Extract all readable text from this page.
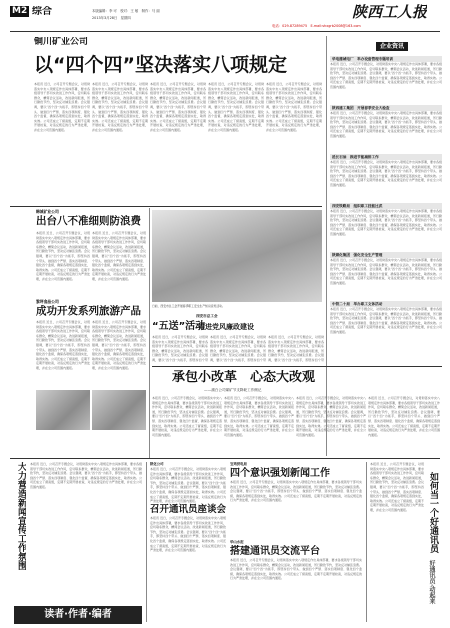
M2 综合	本版编辑：李 可　校对：王 敏　制作：马 丽
2013年3月28日　星期四	陕西工人报
电话：029-87289475　E-mail:shxgrb2008@163.com
铜川矿业公司
以“四个四”坚决落实八项规定
本报讯 近日，公司召开专题会议，对贯彻落实中央八项规定作出具体部署，要求各级领导干部切实改进工作作风，密切联系群众，精简会议活动，改进新闻报道，厉行勤俭节约，坚决反对铺张浪费。会议强调，要以“四个四”为抓手，即坚持四个带头、做到四个严禁、落实四项制度、强化四个监督，确保各项规定落到实处，取得实效。公司还成立了督查组，定期不定期开展检查，对违反规定的行为严肃处理，并在全公司范围内通报。
本报讯 近日，公司召开专题会议，对贯彻落实中央八项规定作出具体部署，要求各级领导干部切实改进工作作风，密切联系群众，精简会议活动，改进新闻报道，厉行勤俭节约，坚决反对铺张浪费。会议强调，要以“四个四”为抓手，即坚持四个带头、做到四个严禁、落实四项制度、强化四个监督，确保各项规定落到实处，取得实效。公司还成立了督查组，定期不定期开展检查，对违反规定的行为严肃处理，并在全公司范围内通报。
本报讯 近日，公司召开专题会议，对贯彻落实中央八项规定作出具体部署，要求各级领导干部切实改进工作作风，密切联系群众，精简会议活动，改进新闻报道，厉行勤俭节约，坚决反对铺张浪费。会议强调，要以“四个四”为抓手，即坚持四个带头、做到四个严禁、落实四项制度、强化四个监督，确保各项规定落到实处，取得实效。公司还成立了督查组，定期不定期开展检查，对违反规定的行为严肃处理，并在全公司范围内通报。
本报讯 近日，公司召开专题会议，对贯彻落实中央八项规定作出具体部署，要求各级领导干部切实改进工作作风，密切联系群众，精简会议活动，改进新闻报道，厉行勤俭节约，坚决反对铺张浪费。会议强调，要以“四个四”为抓手，即坚持四个带头、做到四个严禁、落实四项制度、强化四个监督，确保各项规定落到实处，取得实效。公司还成立了督查组，定期不定期开展检查，对违反规定的行为严肃处理，并在全公司范围内通报。
本报讯 近日，公司召开专题会议，对贯彻落实中央八项规定作出具体部署，要求各级领导干部切实改进工作作风，密切联系群众，精简会议活动，改进新闻报道，厉行勤俭节约，坚决反对铺张浪费。会议强调，要以“四个四”为抓手，即坚持四个带头、做到四个严禁、落实四项制度、强化四个监督，确保各项规定落到实处，取得实效。公司还成立了督查组，定期不定期开展检查，对违反规定的行为严肃处理，并在全公司范围内通报。
企业资讯
华电蒲城电厂　举办设备管理专题培训
本报讯 近日，公司召开专题会议，对贯彻落实中央八项规定作出具体部署，要求各级领导干部切实改进工作作风，密切联系群众，精简会议活动，改进新闻报道，厉行勤俭节约，坚决反对铺张浪费。会议强调，要以“四个四”为抓手，即坚持四个带头、做到四个严禁、落实四项制度、强化四个监督，确保各项规定落到实处，取得实效。公司还成立了督查组，定期不定期开展检查，对违反规定的行为严肃处理，并在全公司范围内通报。
陕西建工集团　开展春季安全大检查
本报讯 近日，公司召开专题会议，对贯彻落实中央八项规定作出具体部署，要求各级领导干部切实改进工作作风，密切联系群众，精简会议活动，改进新闻报道，厉行勤俭节约，坚决反对铺张浪费。会议强调，要以“四个四”为抓手，即坚持四个带头、做到四个严禁、落实四项制度、强化四个监督，确保各项规定落到实处，取得实效。公司还成立了督查组，定期不定期开展检查，对违反规定的行为严肃处理，并在全公司范围内通报。
延长石油　推进节能减排工作
本报讯 近日，公司召开专题会议，对贯彻落实中央八项规定作出具体部署，要求各级领导干部切实改进工作作风，密切联系群众，精简会议活动，改进新闻报道，厉行勤俭节约，坚决反对铺张浪费。会议强调，要以“四个四”为抓手，即坚持四个带头、做到四个严禁、落实四项制度、强化四个监督，确保各项规定落到实处，取得实效。公司还成立了督查组，定期不定期开展检查，对违反规定的行为严肃处理，并在全公司范围内通报。
西安铁路局　组织职工技能比武
本报讯 近日，公司召开专题会议，对贯彻落实中央八项规定作出具体部署，要求各级领导干部切实改进工作作风，密切联系群众，精简会议活动，改进新闻报道，厉行勤俭节约，坚决反对铺张浪费。会议强调，要以“四个四”为抓手，即坚持四个带头、做到四个严禁、落实四项制度、强化四个监督，确保各项规定落到实处，取得实效。公司还成立了督查组，定期不定期开展检查，对违反规定的行为严肃处理，并在全公司范围内通报。
陕煤化集团　强化安全生产管理
本报讯 近日，公司召开专题会议，对贯彻落实中央八项规定作出具体部署，要求各级领导干部切实改进工作作风，密切联系群众，精简会议活动，改进新闻报道，厉行勤俭节约，坚决反对铺张浪费。会议强调，要以“四个四”为抓手，即坚持四个带头、做到四个严禁、落实四项制度、强化四个监督，确保各项规定落到实处，取得实效。公司还成立了督查组，定期不定期开展检查，对违反规定的行为严肃处理，并在全公司范围内通报。
中铁二十局　举办职工文体活动
本报讯 近日，公司召开专题会议，对贯彻落实中央八项规定作出具体部署，要求各级领导干部切实改进工作作风，密切联系群众，精简会议活动，改进新闻报道，厉行勤俭节约，坚决反对铺张浪费。会议强调，要以“四个四”为抓手，即坚持四个带头、做到四个严禁、落实四项制度、强化四个监督，确保各项规定落到实处，取得实效。公司还成立了督查组，定期不定期开展检查，对违反规定的行为严肃处理，并在全公司范围内通报。
韩城矿业公司
出台八不准细则防浪费
本报讯 近日，公司召开专题会议，对贯彻落实中央八项规定作出具体部署，要求各级领导干部切实改进工作作风，密切联系群众，精简会议活动，改进新闻报道，厉行勤俭节约，坚决反对铺张浪费。会议强调，要以“四个四”为抓手，即坚持四个带头、做到四个严禁、落实四项制度、强化四个监督，确保各项规定落到实处，取得实效。公司还成立了督查组，定期不定期开展检查，对违反规定的行为严肃处理，并在全公司范围内通报。
本报讯 近日，公司召开专题会议，对贯彻落实中央八项规定作出具体部署，要求各级领导干部切实改进工作作风，密切联系群众，精简会议活动，改进新闻报道，厉行勤俭节约，坚决反对铺张浪费。会议强调，要以“四个四”为抓手，即坚持四个带头、做到四个严禁、落实四项制度、强化四个监督，确保各项规定落到实处，取得实效。公司还成立了督查组，定期不定期开展检查，对违反规定的行为严肃处理，并在全公司范围内通报。
黎坪食品公司
成功开发系列旅游产品
本报讯 近日，公司召开专题会议，对贯彻落实中央八项规定作出具体部署，要求各级领导干部切实改进工作作风，密切联系群众，精简会议活动，改进新闻报道，厉行勤俭节约，坚决反对铺张浪费。会议强调，要以“四个四”为抓手，即坚持四个带头、做到四个严禁、落实四项制度、强化四个监督，确保各项规定落到实处，取得实效。公司还成立了督查组，定期不定期开展检查，对违反规定的行为严肃处理，并在全公司范围内通报。
本报讯 近日，公司召开专题会议，对贯彻落实中央八项规定作出具体部署，要求各级领导干部切实改进工作作风，密切联系群众，精简会议活动，改进新闻报道，厉行勤俭节约，坚决反对铺张浪费。会议强调，要以“四个四”为抓手，即坚持四个带头、做到四个严禁、落实四项制度、强化四个监督，确保各项规定落到实处，取得实效。公司还成立了督查组，定期不定期开展检查，对违反规定的行为严肃处理，并在全公司范围内通报。
日前，西安市总工会开展春季职工安全生产知识宣传活动。
西安市总工会
“五送”活动
推进党风廉政建设
本报讯 近日，公司召开专题会议，对贯彻落实中央八项规定作出具体部署，要求各级领导干部切实改进工作作风，密切联系群众，精简会议活动，改进新闻报道，厉行勤俭节约，坚决反对铺张浪费。会议强调，要以“四个四”为抓手，即坚持四个带
本报讯 近日，公司召开专题会议，对贯彻落实中央八项规定作出具体部署，要求各级领导干部切实改进工作作风，密切联系群众，精简会议活动，改进新闻报道，厉行勤俭节约，坚决反对铺张浪费。会议强调，要以“四个四”为抓手，即坚持四个带
本报讯 近日，公司召开专题会议，对贯彻落实中央八项规定作出具体部署，要求各级领导干部切实改进工作作风，密切联系群众，精简会议活动，改进新闻报道，厉行勤俭节约，坚决反对铺张浪费。会议强调，要以“四个四”为抓手，即坚持四个带
承包小改革　心态大改观
——蒲白公司煤矿节支降耗工作侧记
本报讯 近日，公司召开专题会议，对贯彻落实中央八项规定作出具体部署，要求各级领导干部切实改进工作作风，密切联系群众，精简会议活动，改进新闻报道，厉行勤俭节约，坚决反对铺张浪费。会议强调，要以“四个四”为抓手，即坚持四个带头、做到四个严禁、落实四项制度、强化四个监督，确保各项规定落到实处，取得实效。公司还成立了督查组，定期不定期开展检查，对违反规定的行为严肃处理，并在全公司范围内通报。
本报讯 近日，公司召开专题会议，对贯彻落实中央八项规定作出具体部署，要求各级领导干部切实改进工作作风，密切联系群众，精简会议活动，改进新闻报道，厉行勤俭节约，坚决反对铺张浪费。会议强调，要以“四个四”为抓手，即坚持四个带头、做到四个严禁、落实四项制度、强化四个监督，确保各项规定落到实处，取得实效。公司还成立了督查组，定期不定期开展检查，对违反规定的行为严肃处理，并在全公司范围内通报。
本报讯 近日，公司召开专题会议，对贯彻落实中央八项规定作出具体部署，要求各级领导干部切实改进工作作风，密切联系群众，精简会议活动，改进新闻报道，厉行勤俭节约，坚决反对铺张浪费。会议强调，要以“四个四”为抓手，即坚持四个带头、做到四个严禁、落实四项制度、强化四个监督，确保各项规定落到实处，取得实效。公司还成立了督查组，定期不定期开展检查，对违反规定的行为严肃处理，并在全公司范围内通报。
本报讯 近日，公司召开专题会议，对贯彻落实中央八项规定作出具体部署，要求各级领导干部切实改进工作作风，密切联系群众，精简会议活动，改进新闻报道，厉行勤俭节约，坚决反对铺张浪费。会议强调，要以“四个四”为抓手，即坚持四个带头、做到四个严禁、落实四项制度、强化四个监督，确保各项规定落到实处，取得实效。公司还成立了督查组，定期不定期开展检查，对违反规定的行为严肃处理，并在全公司范围内通报。
大力营造新闻宣传工作氛围 本报讯 近日，公司召开专题会议，对贯彻落实中央八项规定作出具体部署，要求各级领导干部切实改进工作作风，密切联系群众，精简会议活动，改进新闻报道，厉行勤俭节约，坚决反对铺张浪费。会议强调，要以“四个四”为抓手，即坚持四个带头、做到四个严禁、落实四项制度、强化四个监督，确保各项规定落到实处，取得实效。公司还成立了督查组，定期不定期开展检查，对违反规定的行为严肃处理，并在全公司范围内通报。
读者·作者·编者
陕化公司
本报讯 近日，公司召开专题会议，对贯彻落实中央八项规定作出具体部署，要求各级领导干部切实改进工作作风，密切联系群众，精简会议活动，改进新闻报道，厉行勤俭节约，坚决反对铺张浪费。会议强调，要以“四个四”为抓手，即坚持四个带头、做到四个严禁、落实四项制度、强化四个监督，确保各项规定落到实处，取得实效。公司还成立了督查组，定期不定期开展检查，对违反规定的行为严肃处理，并在全公司范围内通报。
召开通讯员座谈会
本报讯 近日，公司召开专题会议，对贯彻落实中央八项规定作出具体部署，要求各级领导干部切实改进工作作风，密切联系群众，精简会议活动，改进新闻报道，厉行勤俭节约，坚决反对铺张浪费。会议强调，要以“四个四”为抓手，即坚持四个带头、做到四个严禁、落实四项制度、强化四个监督，确保各项规定落到实处，取得实效。公司还成立了督查组，定期不定期开展检查，对违反规定的行为严肃处理，并在全公司范围内通报。
宝鸡供电局
四个意识强划新闻工作
本报讯 近日，公司召开专题会议，对贯彻落实中央八项规定作出具体部署，要求各级领导干部切实改进工作作风，密切联系群众，精简会议活动，改进新闻报道，厉行勤俭节约，坚决反对铺张浪费。会议强调，要以“四个四”为抓手，即坚持四个带头、做到四个严禁、落实四项制度、强化四个监督，确保各项规定落到实处，取得实效。公司还成立了督查组，定期不定期开展检查，对违反规定的行为严肃处理，并在全公司范围内通报。
华山水泥
搭建通讯员交流平台
本报讯 近日，公司召开专题会议，对贯彻落实中央八项规定作出具体部署，要求各级领导干部切实改进工作作风，密切联系群众，精简会议活动，改进新闻报道，厉行勤俭节约，坚决反对铺张浪费。会议强调，要以“四个四”为抓手，即坚持四个带头、做到四个严禁、落实四项制度、强化四个监督，确保各项规定落到实处，取得实效。公司还成立了督查组，定期不定期开展检查，对违反规定的行为严肃处理，并在全公司范围内通报。
本报讯 近日，公司召开专题会议，对贯彻落实中央八项规定作出具体部署，要求各级领导干部切实改进工作作风，密切联系群众，精简会议活动，改进新闻报道，厉行勤俭节约，坚决反对铺张浪费。会议强调，要以“四个四”为抓手，即坚持四个带头、做到四个严禁、落实四项制度、强化四个监督，确保各项规定落到实处，取得实效。公司还成立了督查组，定期不定期开展检查，对违反规定的行为严肃处理，并在全公司范围内通报。	如何当一个好通讯员
好通讯员·动起来
